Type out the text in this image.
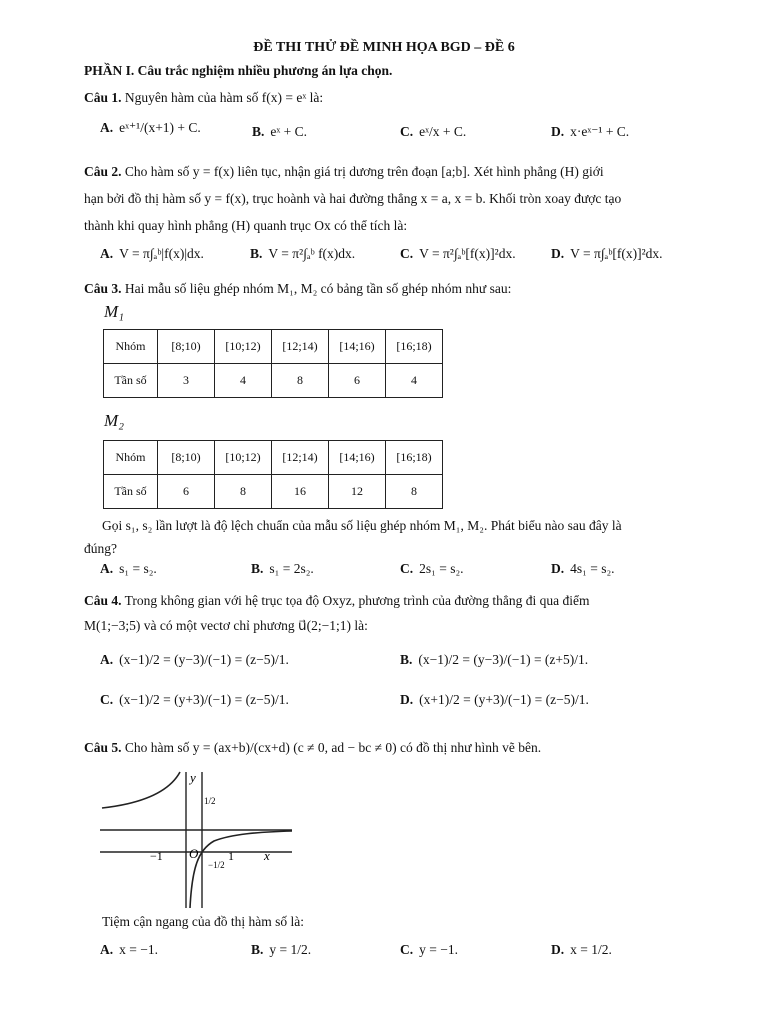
ĐỀ THI THỬ ĐỀ MINH HỌA BGD – ĐỀ 6
PHẦN I. Câu trắc nghiệm nhiều phương án lựa chọn.
Câu 1. Nguyên hàm của hàm số f(x) = eˣ là:
A. eˣ⁺¹/(x+1) + C.	B. eˣ + C.	C. eˣ/x + C.	D. x·eˣ⁻¹ + C.
Câu 2. Cho hàm số y = f(x) liên tục, nhận giá trị dương trên đoạn [a;b]. Xét hình phẳng (H) giới
hạn bởi đồ thị hàm số y = f(x), trục hoành và hai đường thẳng x = a, x = b. Khối tròn xoay được tạo
thành khi quay hình phẳng (H) quanh trục Ox có thể tích là:
A. V = π∫ₐᵇ|f(x)|dx.	B. V = π²∫ₐᵇ f(x)dx.	C. V = π²∫ₐᵇ[f(x)]²dx.	D. V = π∫ₐᵇ[f(x)]²dx.
Câu 3. Hai mẫu số liệu ghép nhóm M₁, M₂ có bảng tần số ghép nhóm như sau:
M₁
Nhóm	[8;10)	[10;12)	[12;14)	[14;16)	[16;18)
Tần số	3	4	8	6	4
M₂
Nhóm	[8;10)	[10;12)	[12;14)	[14;16)	[16;18)
Tần số	6	8	16	12	8
Gọi s₁, s₂ lần lượt là độ lệch chuẩn của mẫu số liệu ghép nhóm M₁, M₂. Phát biểu nào sau đây là
đúng?
A. s₁ = s₂.	B. s₁ = 2s₂.	C. 2s₁ = s₂.	D. 4s₁ = s₂.
Câu 4. Trong không gian với hệ trục tọa độ Oxyz, phương trình của đường thẳng đi qua điểm
M(1;−3;5) và có một vectơ chỉ phương u⃗(2;−1;1) là:
A. (x−1)/2 = (y−3)/(−1) = (z−5)/1.	B. (x−1)/2 = (y−3)/(−1) = (z+5)/1.
C. (x−1)/2 = (y+3)/(−1) = (z−5)/1.	D. (x+1)/2 = (y+3)/(−1) = (z−5)/1.
Câu 5. Cho hàm số y = (ax+b)/(cx+d) (c ≠ 0, ad − bc ≠ 0) có đồ thị như hình vẽ bên.
y
x
O
−1	1
1/2
−1/2
Tiệm cận ngang của đồ thị hàm số là:
A. x = −1.	B. y = 1/2.	C. y = −1.	D. x = 1/2.
